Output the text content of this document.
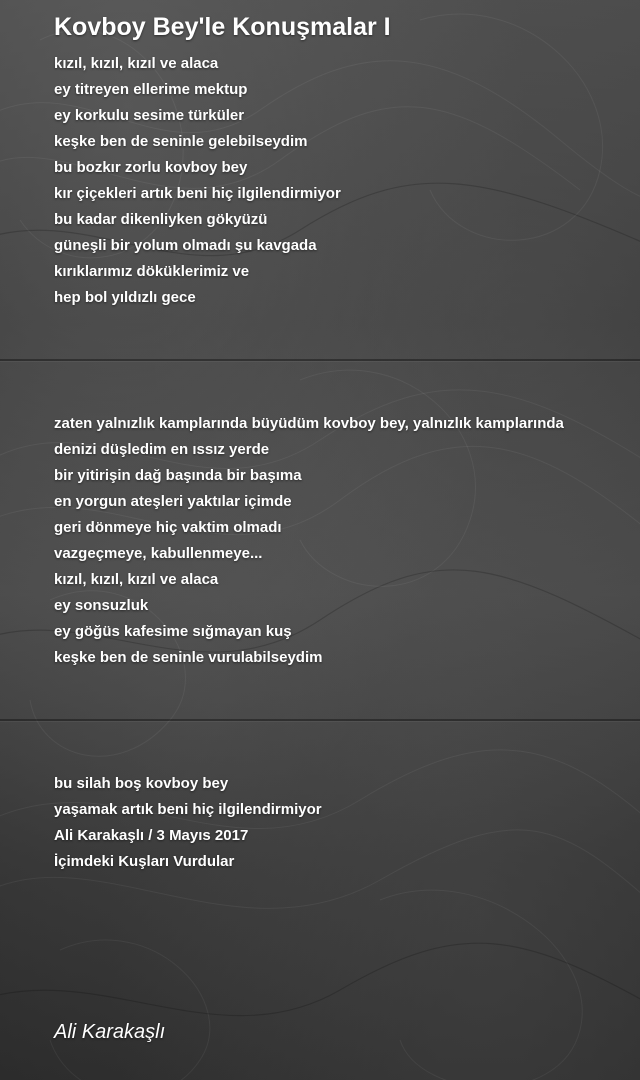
Kovboy Bey'le Konuşmalar I
kızıl, kızıl, kızıl ve alaca
ey titreyen ellerime mektup
ey korkulu sesime türküler
keşke ben de seninle gelebilseydim
bu bozkır zorlu kovboy bey
kır çiçekleri artık beni hiç ilgilendirmiyor
bu kadar dikenliyken gökyüzü
güneşli bir yolum olmadı şu kavgada
kırıklarımız döküklerimiz ve
hep bol yıldızlı gece
zaten yalnızlık kamplarında büyüdüm kovboy bey, yalnızlık kamplarında
denizi düşledim en ıssız yerde
bir yitirişin dağ başında bir başıma
en yorgun ateşleri yaktılar içimde
geri dönmeye hiç vaktim olmadı
vazgeçmeye, kabullenmeye...
kızıl, kızıl, kızıl ve alaca
ey sonsuzluk
ey göğüs kafesime sığmayan kuş
keşke ben de seninle vurulabilseydim
bu silah boş kovboy bey
yaşamak artık beni hiç ilgilendirmiyor
Ali Karakaşlı / 3 Mayıs 2017
İçimdeki Kuşları Vurdular
Ali Karakaşlı
